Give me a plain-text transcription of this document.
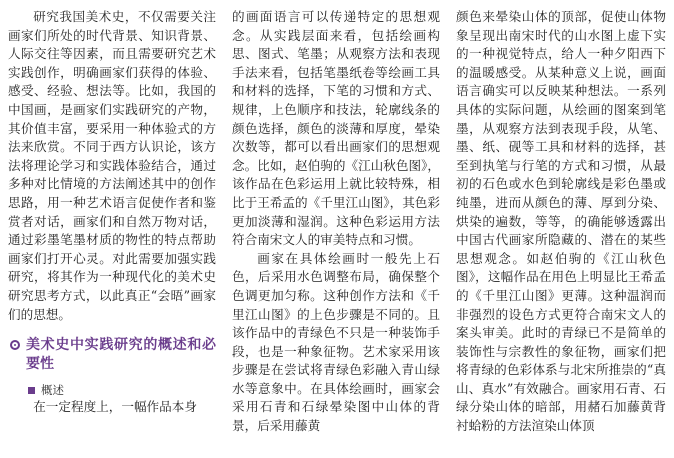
研究我国美术史，不仅需要关注画家们所处的时代背景、知识背景、人际交往等因素，而且需要研究艺术实践创作，明确画家们获得的体验、感受、经验、想法等。比如，我国的中国画，是画家们实践研究的产物，其价值丰富，要采用一种体验式的方法来欣赏。不同于西方认识论，该方法将理论学习和实践体验结合，通过多种对比情境的方法阐述其中的创作思路，用一种艺术语言促使作者和鉴赏者对话，画家们和自然万物对话，通过彩墨笔墨材质的物性的特点帮助画家们打开心灵。对此需要加强实践研究，将其作为一种现代化的美术史研究思考方式，以此真正“会晤”画家们的思想。

美术史中实践研究的概述和必要性
概述

在一定程度上，一幅作品本身

的画面语言可以传递特定的思想观念。从实践层面来看，包括绘画构思、图式、笔墨；从观察方法和表现手法来看，包括笔墨纸卷等绘画工具和材料的选择，下笔的习惯和方式、规律，上色顺序和技法，轮廓线条的颜色选择，颜色的淡薄和厚度，晕染次数等，都可以看出画家们的思想观念。比如，赵伯驹的《江山秋色图》，该作品在色彩运用上就比较特殊，相比于王希孟的《千里江山图》，其色彩更加淡薄和湿润。这种色彩运用方法符合南宋文人的审美特点和习惯。

画家在具体绘画时一般先上石色，后采用水色调整布局，确保整个色调更加匀称。这种创作方法和《千里江山图》的上色步骤是不同的。且该作品中的青绿色不只是一种装饰手段，也是一种象征物。艺术家采用该步骤是在尝试将青绿色彩融入青山绿水等意象中。在具体绘画时，画家会采用石青和石绿晕染图中山体的背景，后采用藤黄

颜色来晕染山体的顶部，促使山体物象呈现出南宋时代的山水图上虚下实的一种视觉特点，给人一种夕阳西下的温暖感受。从某种意义上说，画面语言确实可以反映某种想法。一系列具体的实际问题，从绘画的图案到笔墨，从观察方法到表现手段，从笔、墨、纸、砚等工具和材料的选择，甚至到执笔与行笔的方式和习惯，从最初的石色或水色到轮廓线是彩色墨或纯墨，进而从颜色的薄、厚到分染、烘染的遍数，等等，的确能够透露出中国古代画家所隐藏的、潜在的某些思想观念。如赵伯驹的《江山秋色图》，这幅作品在用色上明显比王希孟的《千里江山图》更薄。这种温润而非强烈的设色方式更符合南宋文人的案头审美。此时的青绿已不是简单的装饰性与宗教性的象征物，画家们把将青绿的色彩体系与北宋所推崇的“真山、真水”有效融合。画家用石青、石绿分染山体的暗部，用赭石加藤黄背衬蛤粉的方法渲染山体顶
